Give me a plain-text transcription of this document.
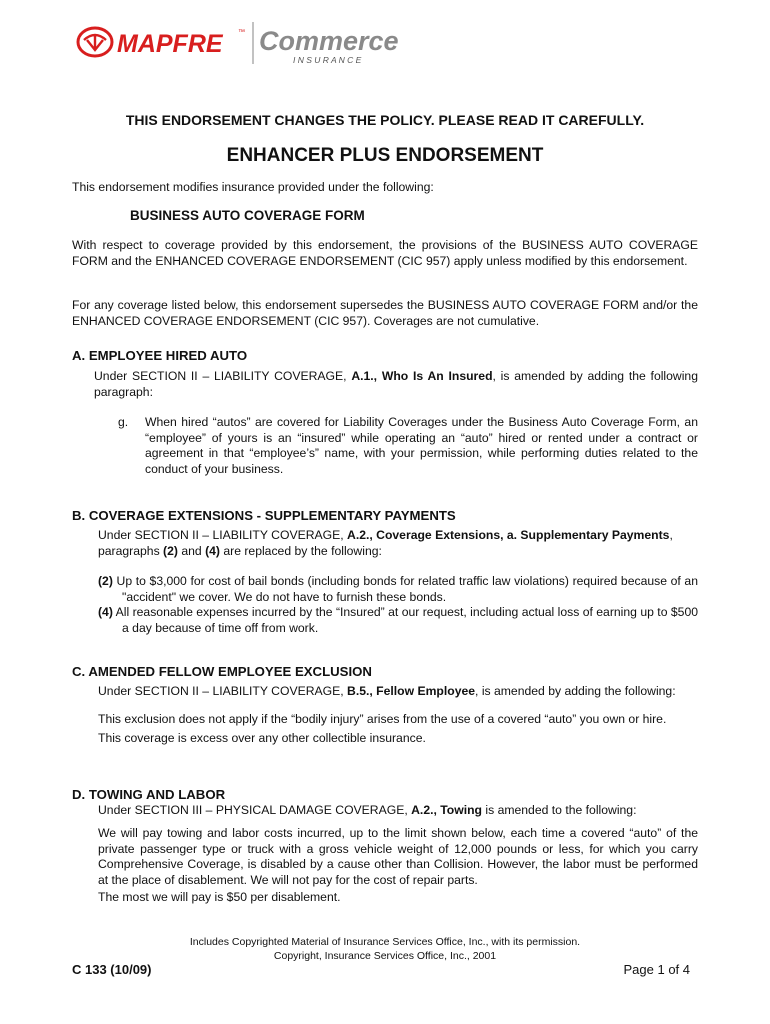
MAPFRE ™ Commerce
I N S U R A N C E
THIS ENDORSEMENT CHANGES THE POLICY. PLEASE READ IT CAREFULLY.
ENHANCER PLUS ENDORSEMENT
This endorsement modifies insurance provided under the following:
BUSINESS AUTO COVERAGE FORM
With respect to coverage provided by this endorsement, the provisions of the BUSINESS AUTO COVERAGE FORM and the ENHANCED COVERAGE ENDORSEMENT (CIC 957) apply unless modified by this endorsement.
For any coverage listed below, this endorsement supersedes the BUSINESS AUTO COVERAGE FORM and/or the ENHANCED COVERAGE ENDORSEMENT (CIC 957). Coverages are not cumulative.
A. EMPLOYEE HIRED AUTO
Under SECTION II – LIABILITY COVERAGE, A.1., Who Is An Insured, is amended by adding the following paragraph:
g.	When hired “autos” are covered for Liability Coverages under the Business Auto Coverage Form, an “employee” of yours is an “insured” while operating an “auto” hired or rented under a contract or agreement in that “employee’s” name, with your permission, while performing duties related to the conduct of your business.
B. COVERAGE EXTENSIONS - SUPPLEMENTARY PAYMENTS
Under SECTION II – LIABILITY COVERAGE, A.2., Coverage Extensions, a. Supplementary Payments,
paragraphs (2) and (4) are replaced by the following:
(2) Up to $3,000 for cost of bail bonds (including bonds for related traffic law violations) required because of an "accident" we cover. We do not have to furnish these bonds.
(4) All reasonable expenses incurred by the “Insured” at our request, including actual loss of earning up to $500 a day because of time off from work.
C. AMENDED FELLOW EMPLOYEE EXCLUSION
Under SECTION II – LIABILITY COVERAGE, B.5., Fellow Employee, is amended by adding the following:
This exclusion does not apply if the “bodily injury” arises from the use of a covered “auto” you own or hire.
This coverage is excess over any other collectible insurance.
D. TOWING AND LABOR
Under SECTION III – PHYSICAL DAMAGE COVERAGE, A.2., Towing is amended to the following:
We will pay towing and labor costs incurred, up to the limit shown below, each time a covered “auto” of the private passenger type or truck with a gross vehicle weight of 12,000 pounds or less, for which you carry Comprehensive Coverage, is disabled by a cause other than Collision. However, the labor must be performed at the place of disablement. We will not pay for the cost of repair parts.
The most we will pay is $50 per disablement.
Includes Copyrighted Material of Insurance Services Office, Inc., with its permission.
Copyright, Insurance Services Office, Inc., 2001
C 133 (10/09)	Page 1 of 4
